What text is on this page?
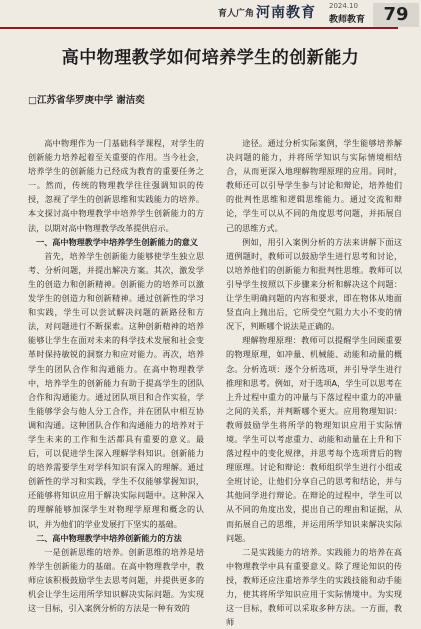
育人广角 河南教育 2024.10
教师教育	79
高中物理教学如何培养学生的创新能力
□江苏省华罗庚中学 谢洁奕

高中物理作为一门基础科学课程，对学生的创新能力培养起着至关重要的作用。当今社会，培养学生的创新能力已经成为教育的重要任务之一。然而，传统的物理教学往往强调知识的传授，忽视了学生的创新思维和实践能力的培养。本文探讨高中物理教学中培养学生创新能力的方法，以期对高中物理教学改革提供启示。

一、高中物理教学中培养学生创新能力的意义

首先，培养学生创新能力能够使学生独立思考、分析问题，并提出解决方案。其次，激发学生的创造力和创新精神。创新能力的培养可以激发学生的创造力和创新精神。通过创新性的学习和实践，学生可以尝试解决问题的新路径和方法，对问题进行不断探索。这种创新精神的培养能够让学生在面对未来的科学技术发展和社会变革时保持敏锐的洞察力和应对能力。再次，培养学生的团队合作和沟通能力。在高中物理教学中，培养学生的创新能力有助于提高学生的团队合作和沟通能力。通过团队项目和合作实验，学生能够学会与他人分工合作，并在团队中相互协调和沟通。这种团队合作和沟通能力的培养对于学生未来的工作和生活都具有重要的意义。最后，可以促进学生深入理解学科知识。创新能力的培养需要学生对学科知识有深入的理解。通过创新性的学习和实践，学生不仅能够掌握知识，还能够将知识应用于解决实际问题中。这种深入的理解能够加深学生对物理学原理和概念的认识，并为他们的学业发展打下坚实的基础。

二、高中物理教学中培养创新能力的方法

一是创新思维的培养。创新思维的培养是培养学生创新能力的基础。在高中物理教学中，教师应该积极鼓励学生去思考问题，并提供更多的机会让学生运用所学知识解决实际问题。为实现这一目标，引入案例分析的方法是一种有效的

途径。通过分析实际案例，学生能够培养解决问题的能力，并将所学知识与实际情境相结合，从而更深入地理解物理原理的应用。同时，教师还可以引导学生参与讨论和辩论，培养他们的批判性思维和逻辑思维能力。通过交流和辩论，学生可以从不同的角度思考问题，并拓展自己的思维方式。

例如，用引入案例分析的方法来讲解下面这道例题时，教师可以鼓励学生进行思考和讨论，以培养他们的创新能力和批判性思维。教师可以引导学生按照以下步骤来分析和解决这个问题：让学生明确问题的内容和要求，即在物体从地面竖直向上抛出后，它所受空气阻力大小不变的情况下，判断哪个说法是正确的。

理解物理原理：教师可以提醒学生回顾重要的物理原理，如冲量、机械能、动能和动量的概念。分析选项：逐个分析选项，并引导学生进行推理和思考。例如，对于选项A，学生可以思考在上升过程中重力的冲量与下落过程中重力的冲量之间的关系，并判断哪个更大。应用物理知识：教师鼓励学生将所学的物理知识应用于实际情境。学生可以考虑重力、动能和动量在上升和下落过程中的变化规律，并思考每个选项背后的物理原理。讨论和辩论：教师组织学生进行小组或全班讨论，让他们分享自己的思考和结论，并与其他同学进行辩论。在辩论的过程中，学生可以从不同的角度出发，提出自己的理由和证据，从而拓展自己的思维，并运用所学知识来解决实际问题。

二是实践能力的培养。实践能力的培养在高中物理教学中具有重要意义。除了理论知识的传授，教师还应注重培养学生的实践技能和动手能力，使其将所学知识应用于实际情境中。为实现这一目标，教师可以采取多种方法。一方面，教师
